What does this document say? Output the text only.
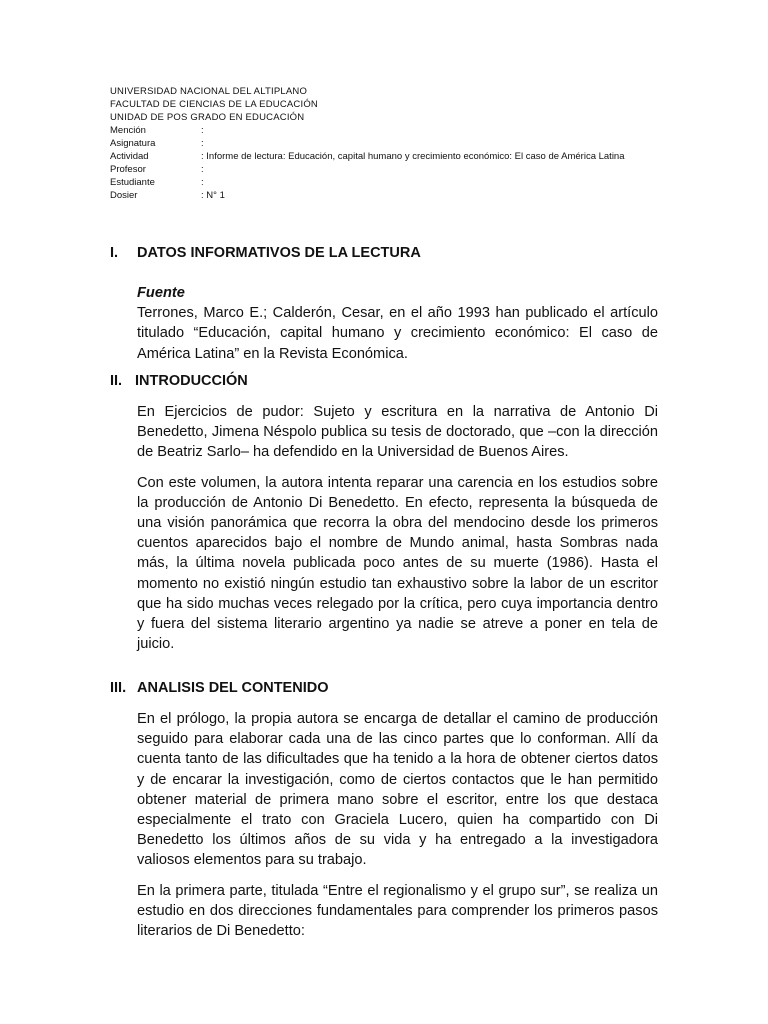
UNIVERSIDAD NACIONAL DEL ALTIPLANO
FACULTAD DE CIENCIAS DE LA EDUCACIÓN
UNIDAD DE POS GRADO EN EDUCACIÓN
Mención	:
Asignatura	:
Actividad	: Informe de lectura: Educación, capital humano y crecimiento económico: El caso de América Latina
Profesor	:
Estudiante	:
Dosier	: N° 1
I.	DATOS INFORMATIVOS DE LA LECTURA

Fuente

Terrones, Marco E.; Calderón, Cesar, en el año 1993 han publicado el artículo titulado “Educación, capital humano y crecimiento económico: El caso de     América Latina” en la Revista Económica.

II. INTRODUCCIÓN

En Ejercicios de pudor: Sujeto y escritura en la narrativa de Antonio Di Benedetto, Jimena Néspolo publica su tesis de doctorado, que –con la dirección de Beatriz Sarlo– ha defendido en la Universidad de Buenos Aires.

Con este volumen, la autora intenta reparar una carencia en los estudios sobre la producción de Antonio Di Benedetto. En efecto, representa la búsqueda de una visión panorámica que recorra la obra del mendocino desde los primeros cuentos aparecidos bajo el nombre de Mundo animal, hasta Sombras nada más, la última novela publicada poco antes de su muerte (1986). Hasta el momento no existió ningún estudio tan exhaustivo sobre la labor de un escritor que ha sido muchas veces relegado por la crítica, pero cuya importancia dentro y fuera del sistema literario argentino ya nadie se atreve a poner en tela de juicio.

III. ANALISIS DEL CONTENIDO

En el prólogo, la propia autora se encarga de detallar el camino de producción seguido para elaborar cada una de las cinco partes que lo conforman. Allí da cuenta tanto de las dificultades que ha tenido a la hora de obtener ciertos datos y de encarar la investigación, como de ciertos contactos que le han permitido obtener material de primera mano sobre el escritor, entre los que destaca especialmente el trato con Graciela Lucero, quien ha compartido con Di Benedetto los últimos años de su vida y ha entregado a la investigadora valiosos elementos para su trabajo.

En la primera parte, titulada “Entre el regionalismo y el grupo sur”, se realiza un estudio en dos direcciones fundamentales para comprender los primeros pasos literarios de Di Benedetto:
